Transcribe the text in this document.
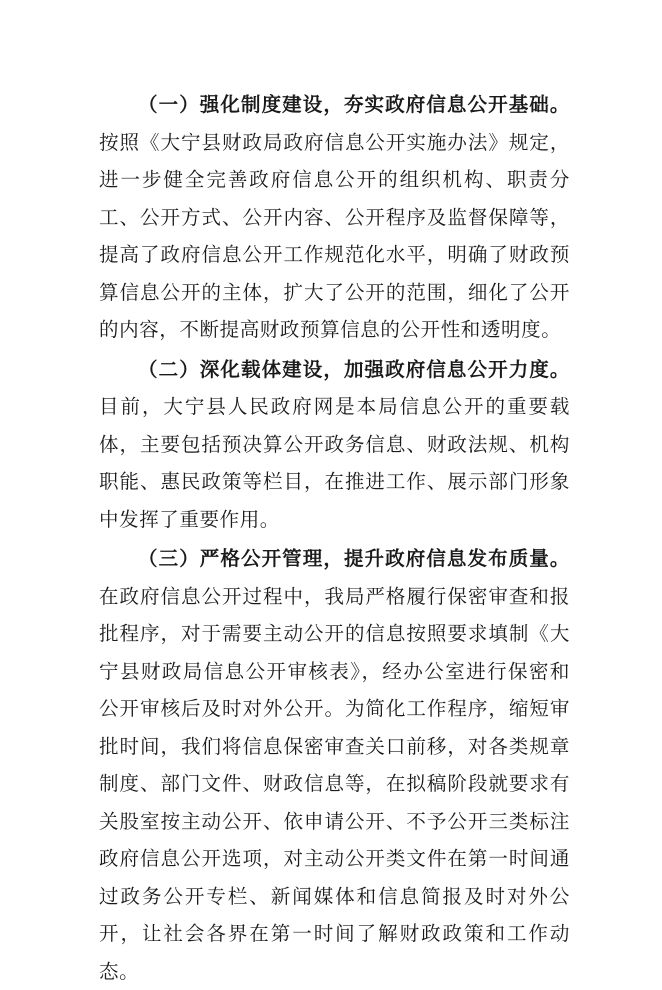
（一）强化制度建设，夯实政府信息公开基础。按照《大宁县财政局政府信息公开实施办法》规定，进一步健全完善政府信息公开的组织机构、职责分工、公开方式、公开内容、公开程序及监督保障等，提高了政府信息公开工作规范化水平，明确了财政预算信息公开的主体，扩大了公开的范围，细化了公开的内容，不断提高财政预算信息的公开性和透明度。

（二）深化载体建设，加强政府信息公开力度。目前，大宁县人民政府网是本局信息公开的重要载体，主要包括预决算公开政务信息、财政法规、机构职能、惠民政策等栏目，在推进工作、展示部门形象中发挥了重要作用。

（三）严格公开管理，提升政府信息发布质量。在政府信息公开过程中，我局严格履行保密审查和报批程序，对于需要主动公开的信息按照要求填制《大宁县财政局信息公开审核表》，经办公室进行保密和公开审核后及时对外公开。为简化工作程序，缩短审批时间，我们将信息保密审查关口前移，对各类规章制度、部门文件、财政信息等，在拟稿阶段就要求有关股室按主动公开、依申请公开、不予公开三类标注政府信息公开选项，对主动公开类文件在第一时间通过政务公开专栏、新闻媒体和信息简报及时对外公开，让社会各界在第一时间了解财政政策和工作动态。
